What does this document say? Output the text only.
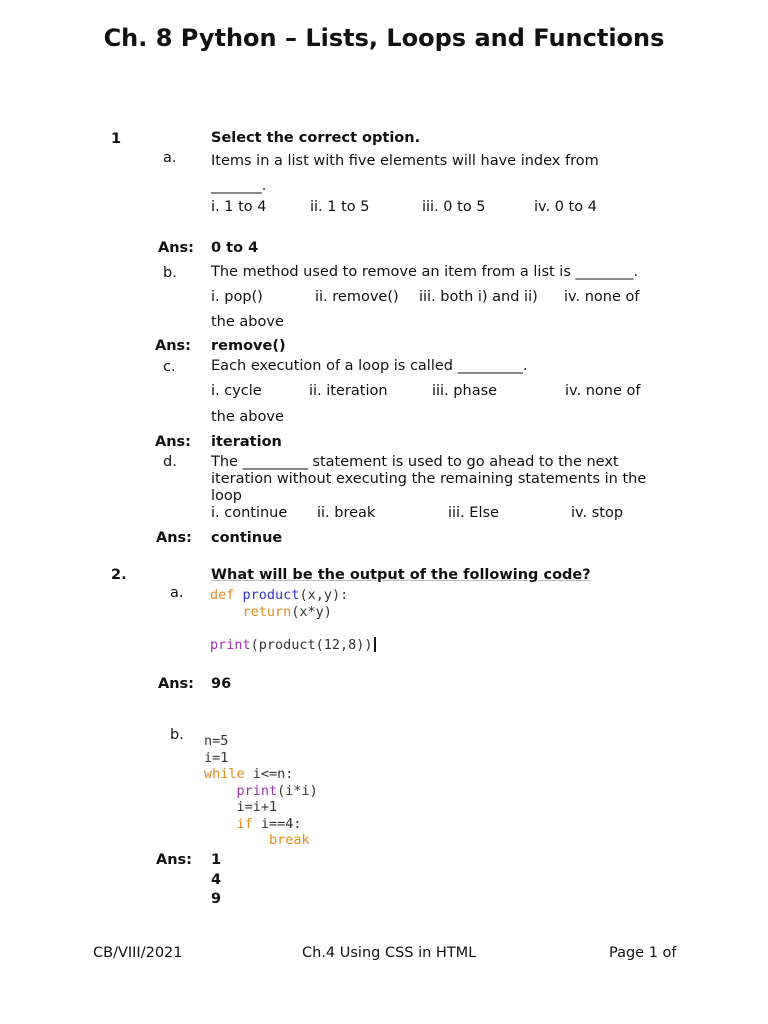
Ch. 8 Python – Lists, Loops and Functions
1	Select the correct option.
a. Items in a list with five elements will have index from _______.
i. 1 to 4	ii. 1 to 5	iii. 0 to 5	iv. 0 to 4
Ans: 0 to 4
b. The method used to remove an item from a list is ________.
i. pop()	ii. remove() iii. both i) and ii) iv. none of
the above
Ans: remove()
c. Each execution of a loop is called _________.
i. cycle	ii. iteration	iii. phase	iv. none of
the above
Ans: iteration
d. The _________ statement is used to go ahead to the next iteration without executing the remaining statements in the loop
i. continue ii. break	iii. Else	iv. stop
Ans: continue
2.	What will be the output of the following code?
a. def product(x,y):
return(x*y)

print(product(12,8))
Ans: 96
b. n=5
i=1
while i<=n:
print(i*i)
i=i+1
if i==4:
break
Ans: 1
4
9
CB/VIII/2021	Ch.4 Using CSS in HTML	Page 1 of
